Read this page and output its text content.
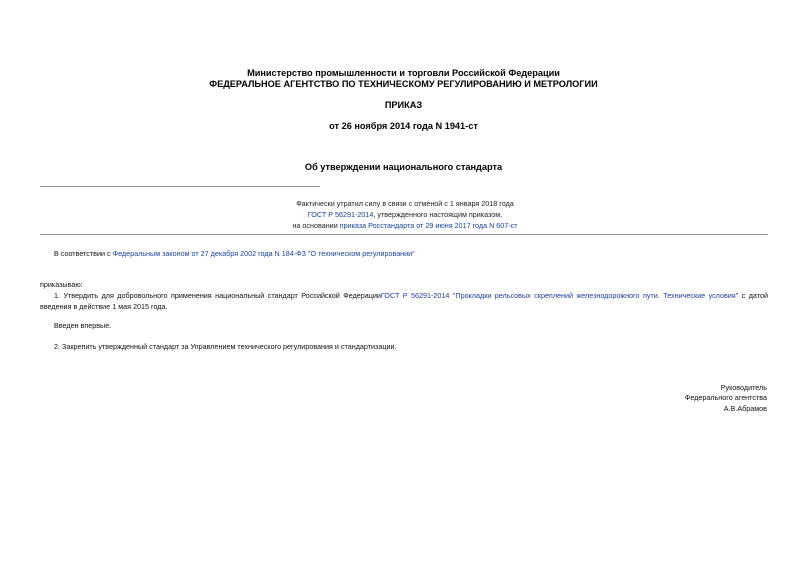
Министерство промышленности и торговли Российской Федерации
ФЕДЕРАЛЬНОЕ АГЕНТСТВО ПО ТЕХНИЧЕСКОМУ РЕГУЛИРОВАНИЮ И МЕТРОЛОГИИ
ПРИКАЗ
от 26 ноября 2014 года N 1941-ст
Об утверждении национального стандарта
Фактически утратил силу в связи с отменой с 1 января 2018 года
ГОСТ Р 56291-2014, утвержденного настоящим приказом,
на основании приказа Росстандарта от 29 июня 2017 года N 607-ст
В соответствии с Федеральным законом от 27 декабря 2002 года N 184-ФЗ "О техническом регулировании"
приказываю:
1. Утвердить для добровольного применения национальный стандарт Российской ФедерацииГОСТ Р 56291-2014 "Прокладки рельсовых скреплений железнодорожного пути. Технические условия" с датой введения в действие 1 мая 2015 года.
Введен впервые.
2. Закрепить утвержденный стандарт за Управлением технического регулирования и стандартизации.
Руководитель
Федерального агентства
А.В.Абрамов
